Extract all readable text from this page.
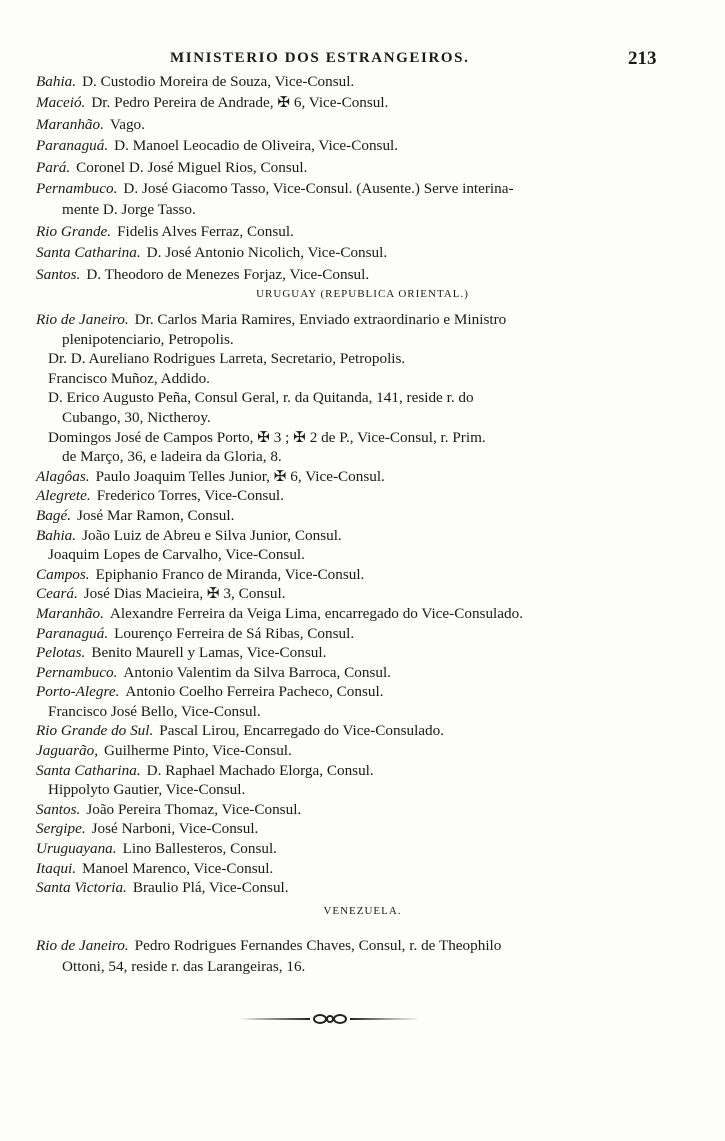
MINISTERIO DOS ESTRANGEIROS.	213
Bahia. D. Custodio Moreira de Souza, Vice-Consul.
Maceió. Dr. Pedro Pereira de Andrade, ✠ 6, Vice-Consul.
Maranhão. Vago.
Paranaguá. D. Manoel Leocadio de Oliveira, Vice-Consul.
Pará. Coronel D. José Miguel Rios, Consul.
Pernambuco. D. José Giacomo Tasso, Vice-Consul. (Ausente.) Serve interina-
mente D. Jorge Tasso.
Rio Grande. Fidelis Alves Ferraz, Consul.
Santa Catharina. D. José Antonio Nicolich, Vice-Consul.
Santos. D. Theodoro de Menezes Forjaz, Vice-Consul.
URUGUAY (REPUBLICA ORIENTAL.)
Rio de Janeiro. Dr. Carlos Maria Ramires, Enviado extraordinario e Ministro
plenipotenciario, Petropolis.
Dr. D. Aureliano Rodrigues Larreta, Secretario, Petropolis.
Francisco Muñoz, Addido.
D. Erico Augusto Peña, Consul Geral, r. da Quitanda, 141, reside r. do
Cubango, 30, Nictheroy.
Domingos José de Campos Porto, ✠ 3 ; ✠ 2 de P., Vice-Consul, r. Prim.
de Março, 36, e ladeira da Gloria, 8.
Alagôas. Paulo Joaquim Telles Junior, ✠ 6, Vice-Consul.
Alegrete. Frederico Torres, Vice-Consul.
Bagé. José Mar Ramon, Consul.
Bahia. João Luiz de Abreu e Silva Junior, Consul.
Joaquim Lopes de Carvalho, Vice-Consul.
Campos. Epiphanio Franco de Miranda, Vice-Consul.
Ceará. José Dias Macieira, ✠ 3, Consul.
Maranhão. Alexandre Ferreira da Veiga Lima, encarregado do Vice-Consulado.
Paranaguá. Lourenço Ferreira de Sá Ribas, Consul.
Pelotas. Benito Maurell y Lamas, Vice-Consul.
Pernambuco. Antonio Valentim da Silva Barroca, Consul.
Porto-Alegre. Antonio Coelho Ferreira Pacheco, Consul.
Francisco José Bello, Vice-Consul.
Rio Grande do Sul. Pascal Lirou, Encarregado do Vice-Consulado.
Jaguarão, Guilherme Pinto, Vice-Consul.
Santa Catharina. D. Raphael Machado Elorga, Consul.
Hippolyto Gautier, Vice-Consul.
Santos. João Pereira Thomaz, Vice-Consul.
Sergipe. José Narboni, Vice-Consul.
Uruguayana. Lino Ballesteros, Consul.
Itaqui. Manoel Marenco, Vice-Consul.
Santa Victoria. Braulio Plá, Vice-Consul.
VENEZUELA.
Rio de Janeiro. Pedro Rodrigues Fernandes Chaves, Consul, r. de Theophilo
Ottoni, 54, reside r. das Larangeiras, 16.
